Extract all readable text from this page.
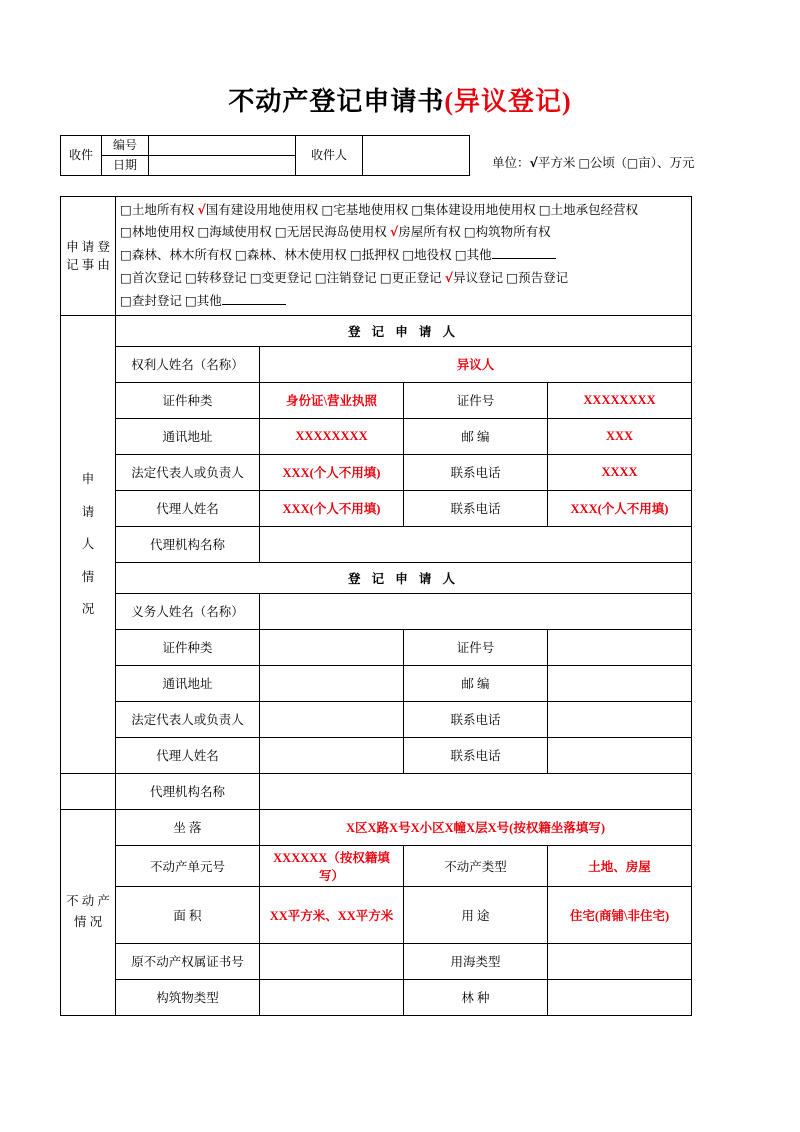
不动产登记申请书(异议登记)
收件	编号		收件人	
	日期				单位：√平方米 □公顷（□亩）、万元
申 请 登 记 事 由	□土地所有权 √国有建设用地使用权 □宅基地使用权 □集体建设用地使用权 □土地承包经营权
□林地使用权 □海域使用权 □无居民海岛使用权 √房屋所有权 □构筑物所有权
□森林、林木所有权 □森林、林木使用权 □抵押权 □地役权 □其他
□首次登记 □转移登记 □变更登记 □注销登记 □更正登记 √异议登记 □预告登记
□查封登记 □其他			

申
请
人
情
况	登 记 申 请 人			
	权利人姓名（名称）	异议人		
	证件种类	身份证\营业执照	证件号	XXXXXXXX
	通讯地址	XXXXXXXX	邮 编	XXX
	法定代表人或负责人	XXX(个人不用填)	联系电话	XXXX
	代理人姓名	XXX(个人不用填)	联系电话	XXX(个人不用填)
	代理机构名称			
	登 记 申 请 人			
	义务人姓名（名称）			
	证件种类		证件号	
	通讯地址		邮 编	
	法定代表人或负责人		联系电话	
	代理人姓名		联系电话	
	代理机构名称			
不 动 产 情 况	坐 落	X区X路X号X小区X幢X层X号(按权籍坐落填写)		
	不动产单元号	XXXXXX（按权籍填写）	不动产类型	土地、房屋
	面 积	XX平方米、XX平方米	用 途	住宅(商铺\非住宅)
	原不动产权属证书号		用海类型	
	构筑物类型		林 种	
